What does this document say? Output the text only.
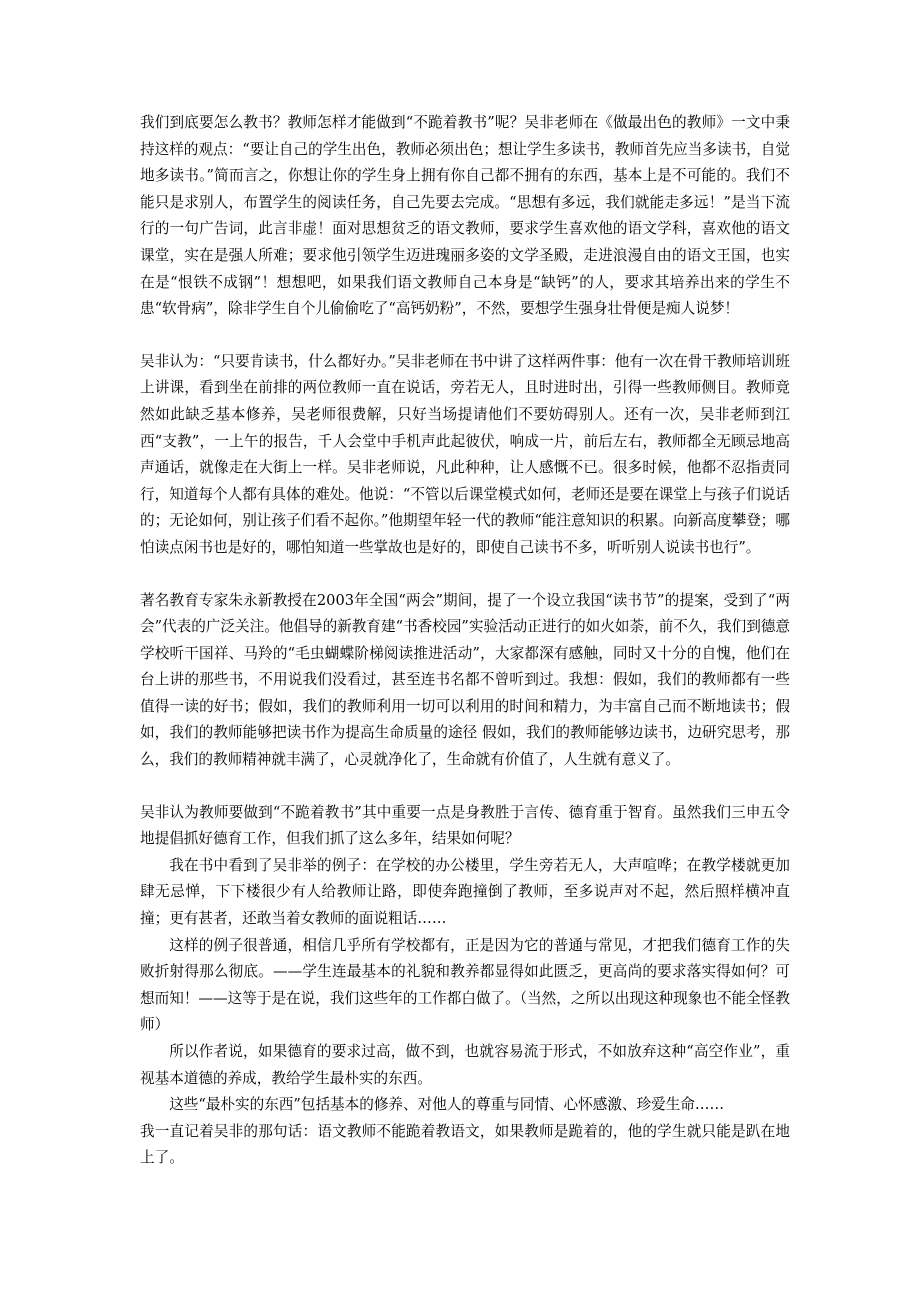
我们到底要怎么教书？教师怎样才能做到“不跪着教书”呢？吴非老师在《做最出色的教师》一文中秉持这样的观点：“要让自己的学生出色，教师必须出色；想让学生多读书，教师首先应当多读书，自觉地多读书。”简而言之，你想让你的学生身上拥有你自己都不拥有的东西，基本上是不可能的。我们不能只是求别人，布置学生的阅读任务，自己先要去完成。“思想有多远，我们就能走多远！”是当下流行的一句广告词，此言非虚！面对思想贫乏的语文教师，要求学生喜欢他的语文学科，喜欢他的语文课堂，实在是强人所难；要求他引领学生迈进瑰丽多姿的文学圣殿，走进浪漫自由的语文王国，也实在是“恨铁不成钢”！想想吧，如果我们语文教师自己本身是“缺钙”的人，要求其培养出来的学生不患“软骨病”，除非学生自个儿偷偷吃了“高钙奶粉”，不然，要想学生强身壮骨便是痴人说梦！

吴非认为：“只要肯读书，什么都好办。”吴非老师在书中讲了这样两件事：他有一次在骨干教师培训班上讲课，看到坐在前排的两位教师一直在说话，旁若无人，且时进时出，引得一些教师侧目。教师竟然如此缺乏基本修养，吴老师很费解，只好当场提请他们不要妨碍别人。还有一次，吴非老师到江西“支教”，一上午的报告，千人会堂中手机声此起彼伏，响成一片，前后左右，教师都全无顾忌地高声通话，就像走在大街上一样。吴非老师说，凡此种种，让人感慨不已。很多时候，他都不忍指责同行，知道每个人都有具体的难处。他说：“不管以后课堂模式如何，老师还是要在课堂上与孩子们说话的；无论如何，别让孩子们看不起你。”他期望年轻一代的教师“能注意知识的积累。向新高度攀登；哪怕读点闲书也是好的，哪怕知道一些掌故也是好的，即使自己读书不多，听听别人说读书也行”。

著名教育专家朱永新教授在2003年全国“两会”期间，提了一个设立我国“读书节”的提案，受到了“两会”代表的广泛关注。他倡导的新教育建“书香校园”实验活动正进行的如火如荼，前不久，我们到德意学校听干国祥、马羚的“毛虫蝴蝶阶梯阅读推进活动”，大家都深有感触，同时又十分的自愧，他们在台上讲的那些书，不用说我们没看过，甚至连书名都不曾听到过。我想：假如，我们的教师都有一些值得一读的好书；假如，我们的教师利用一切可以利用的时间和精力，为丰富自己而不断地读书；假如，我们的教师能够把读书作为提高生命质量的途径 假如，我们的教师能够边读书，边研究思考，那么，我们的教师精神就丰满了，心灵就净化了，生命就有价值了，人生就有意义了。

吴非认为教师要做到“不跪着教书”其中重要一点是身教胜于言传、德育重于智育。虽然我们三申五令地提倡抓好德育工作，但我们抓了这么多年，结果如何呢？

我在书中看到了吴非举的例子：在学校的办公楼里，学生旁若无人，大声喧哗；在教学楼就更加肆无忌惮，下下楼很少有人给教师让路，即使奔跑撞倒了教师，至多说声对不起，然后照样横冲直撞；更有甚者，还敢当着女教师的面说粗话……

这样的例子很普通，相信几乎所有学校都有，正是因为它的普通与常见，才把我们德育工作的失败折射得那么彻底。——学生连最基本的礼貌和教养都显得如此匮乏，更高尚的要求落实得如何？可想而知！——这等于是在说，我们这些年的工作都白做了。（当然，之所以出现这种现象也不能全怪教师）

所以作者说，如果德育的要求过高，做不到，也就容易流于形式，不如放弃这种“高空作业”，重视基本道德的养成，教给学生最朴实的东西。

这些“最朴实的东西”包括基本的修养、对他人的尊重与同情、心怀感激、珍爱生命……

我一直记着吴非的那句话：语文教师不能跪着教语文，如果教师是跪着的，他的学生就只能是趴在地上了。
